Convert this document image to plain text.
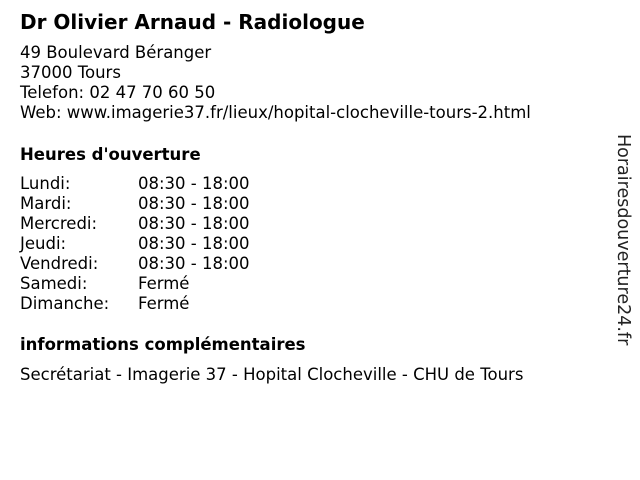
Dr Olivier Arnaud - Radiologue
49 Boulevard Béranger
37000 Tours
Telefon: 02 47 70 60 50
Web: www.imagerie37.fr/lieux/hopital-clocheville-tours-2.html
Heures d'ouverture
Lundi:	08:30 - 18:00
Mardi:	08:30 - 18:00
Mercredi: 08:30 - 18:00
Jeudi:	08:30 - 18:00
Vendredi: 08:30 - 18:00
Samedi:	Fermé
Dimanche: Fermé
informations complémentaires
Secrétariat - Imagerie 37 - Hopital Clocheville - CHU de Tours
Horairesdouverture24.fr
